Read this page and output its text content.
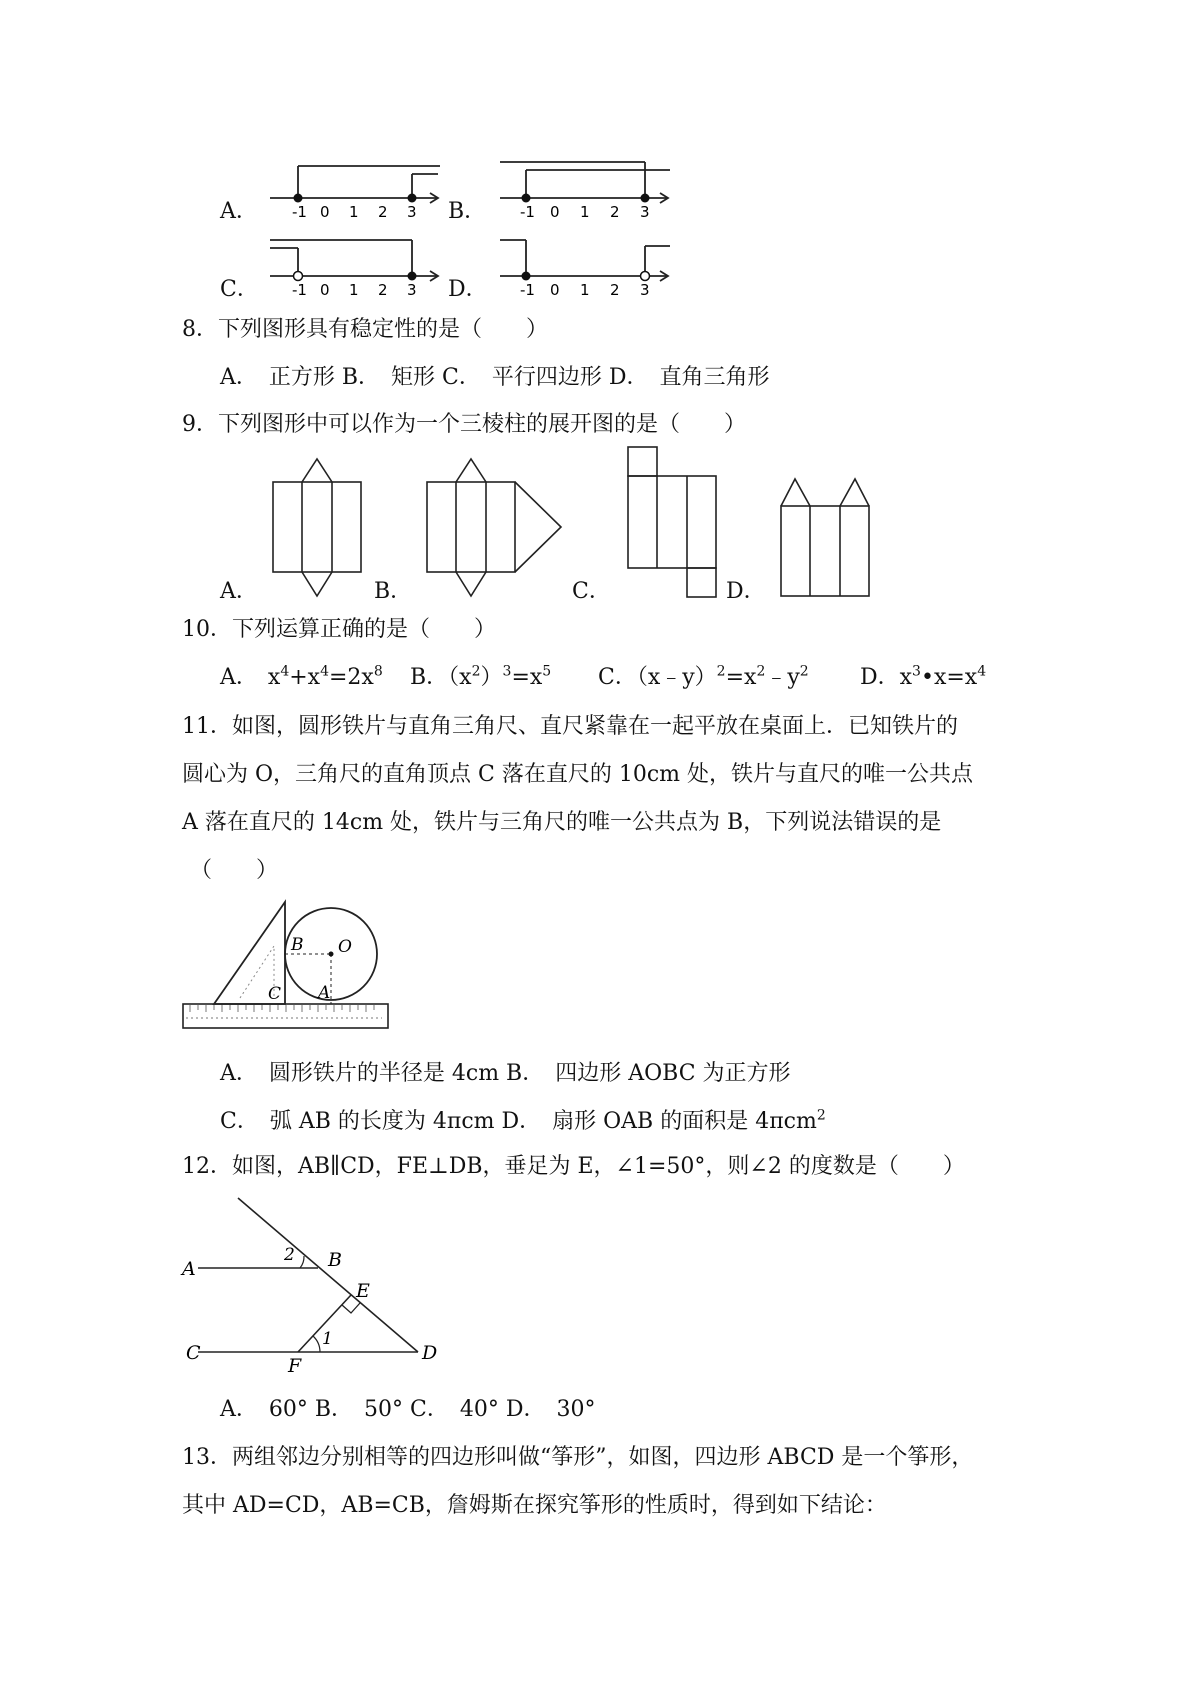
A．	B．
C．	D．
-1 0 1 2 3	-1 0 1 2 3
-1 0 1 2 3	-1 0 1 2 3
8．下列图形具有稳定性的是（　　）
A．　正方形 B．　矩形 C．　平行四边形 D．　直角三角形
9．下列图形中可以作为一个三棱柱的展开图的是（　　）
A．	B．	C．	D．
10．下列运算正确的是（　　）
A． $x^4+x^4=2x^8$ B．$(x^2)^3=x^5$ C．$(x﹣y)^2=x^2﹣y^2$ D．$x^3•x=x^4$
11．如图，圆形铁片与直角三角尺、直尺紧靠在一起平放在桌面上．已知铁片的
圆心为 O，三角尺的直角顶点 C 落在直尺的 10cm 处，铁片与直尺的唯一公共点
A 落在直尺的 14cm 处，铁片与三角尺的唯一公共点为 B，下列说法错误的是
（　　）
B O
C A
A．　圆形铁片的半径是 4cm B．　四边形 AOBC 为正方形
C．　弧 AB 的长度为 4πcm D．　扇形 OAB 的面积是 4πcm$^2$
12．如图，AB∥CD，FE⊥DB，垂足为 E，∠1=50°，则∠2 的度数是（　　）
A	B
2
E
1
C
F
D
A．　60° B．　50° C．　40° D．　30°
13．两组邻边分别相等的四边形叫做“筝形”，如图，四边形 ABCD 是一个筝形，
其中 AD=CD，AB=CB，詹姆斯在探究筝形的性质时，得到如下结论：
